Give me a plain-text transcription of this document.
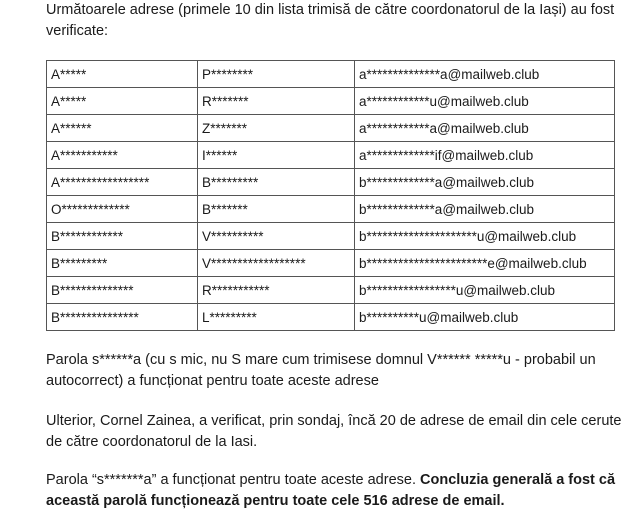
Următoarele adrese (primele 10 din lista trimisă de către coordonatorul de la Iași) au fost verificate:

A*****	P********	a**************a@mailweb.club
A*****	R*******	a************u@mailweb.club
A******	Z*******	a************a@mailweb.club
A***********	I******	a*************if@mailweb.club
A*****************	B*********	b*************a@mailweb.club
O*************	B*******	b*************a@mailweb.club
B************	V**********	b*********************u@mailweb.club
B*********	V******************	b***********************e@mailweb.club
B**************	R***********	b*****************u@mailweb.club
B***************	L*********	b**********u@mailweb.club

Parola s******a (cu s mic, nu S mare cum trimisese domnul V****** *****u - probabil un autocorrect) a funcționat pentru toate aceste adrese

Ulterior, Cornel Zainea, a verificat, prin sondaj, încă 20 de adrese de email din cele cerute de către coordonatorul de la Iasi.

Parola “s*******a” a funcționat pentru toate aceste adrese. Concluzia generală a fost că această parolă funcționează pentru toate cele 516 adrese de email.
